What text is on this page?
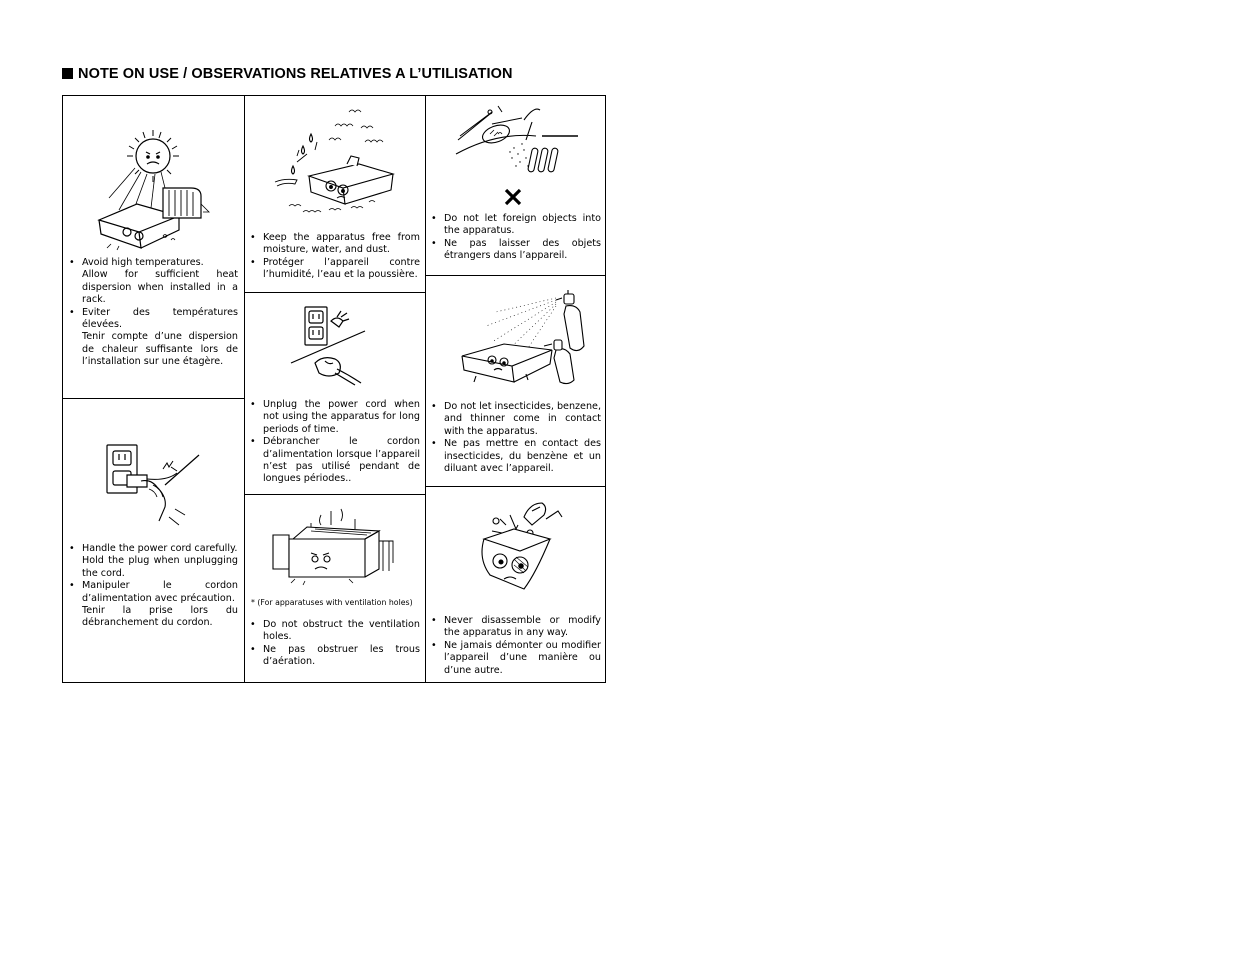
NOTE ON USE / OBSERVATIONS RELATIVES A L’UTILISATION
• Avoid high temperatures.
Allow for sufficient heat dispersion when installed in a rack.
• Eviter des températures élevées.
Tenir compte d’une dispersion de chaleur suffisante lors de l’installation sur une étagère.
• Handle the power cord carefully.
Hold the plug when unplugging the cord.
• Manipuler le cordon d’alimentation avec précaution.
Tenir la prise lors du débranchement du cordon.
• Keep the apparatus free from moisture, water, and dust.
• Protéger l’appareil contre l’humidité, l’eau et la poussière.
• Unplug the power cord when not using the apparatus for long periods of time.
• Débrancher le cordon d’alimentation lorsque l’appareil n’est pas utilisé pendant de longues périodes..
* (For apparatuses with ventilation holes)
• Do not obstruct the ventilation holes.
• Ne pas obstruer les trous d’aération.
• Do not let foreign objects into the apparatus.
• Ne pas laisser des objets étrangers dans l’appareil.
• Do not let insecticides, benzene, and thinner come in contact with the apparatus.
• Ne pas mettre en contact des insecticides, du benzène et un diluant avec l’appareil.
• Never disassemble or modify the apparatus in any way.
• Ne jamais démonter ou modifier l’appareil d’une manière ou d’une autre.
